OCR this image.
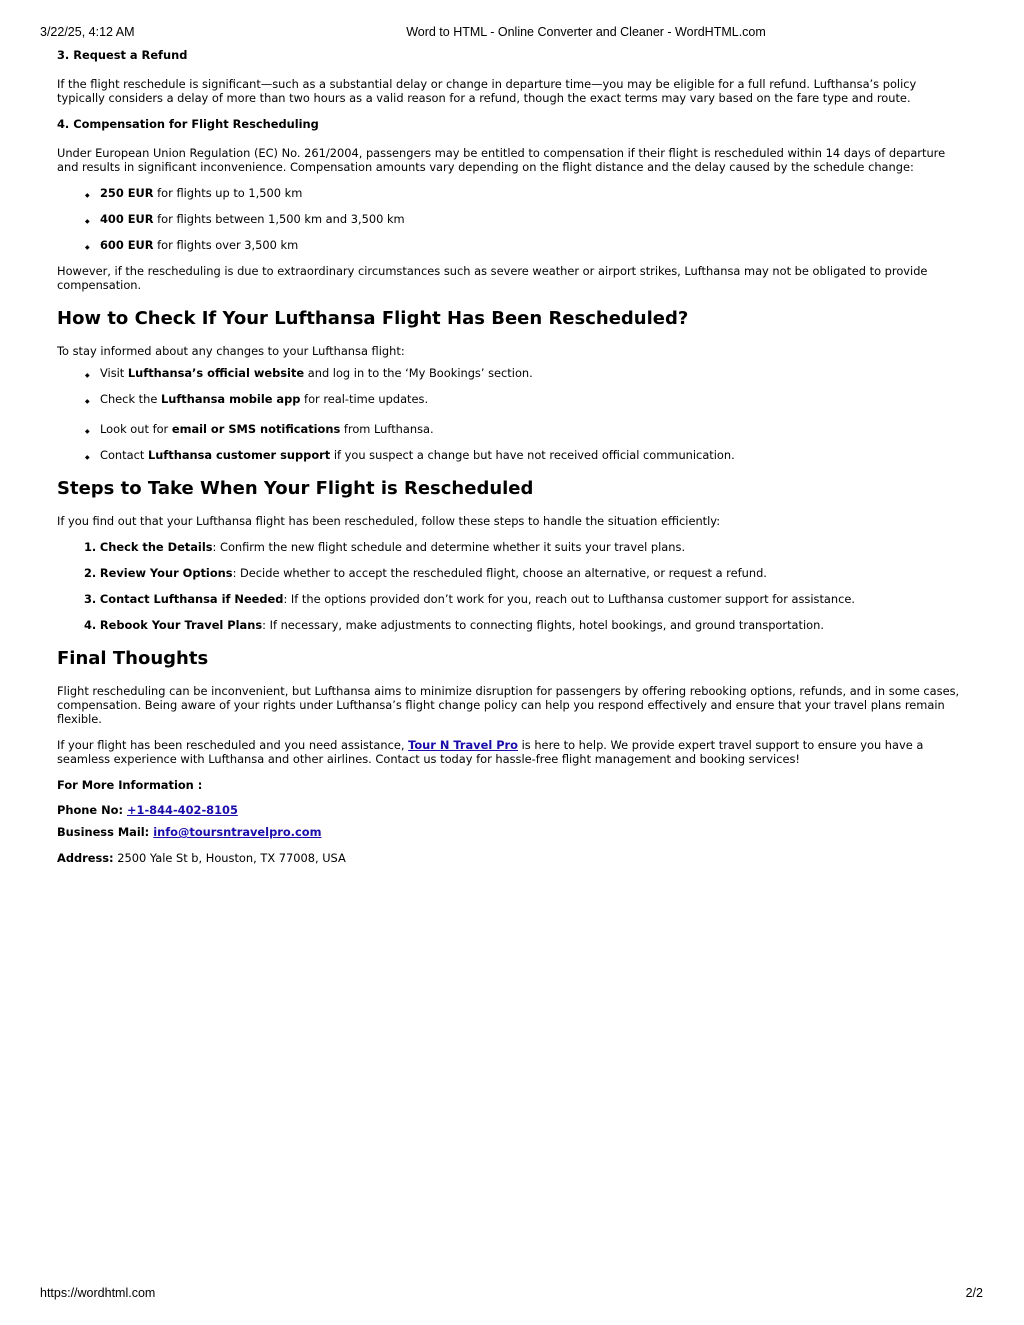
3/22/25, 4:12 AM	Word to HTML - Online Converter and Cleaner - WordHTML.com

3. Request a Refund

If the flight reschedule is significant—such as a substantial delay or change in departure time—you may be eligible for a full refund. Lufthansa’s policy typically considers a delay of more than two hours as a valid reason for a refund, though the exact terms may vary based on the fare type and route.

4. Compensation for Flight Rescheduling

Under European Union Regulation (EC) No. 261/2004, passengers may be entitled to compensation if their flight is rescheduled within 14 days of departure and results in significant inconvenience. Compensation amounts vary depending on the flight distance and the delay caused by the schedule change:

◆ 250 EUR for flights up to 1,500 km
◆ 400 EUR for flights between 1,500 km and 3,500 km
◆ 600 EUR for flights over 3,500 km

However, if the rescheduling is due to extraordinary circumstances such as severe weather or airport strikes, Lufthansa may not be obligated to provide compensation.

How to Check If Your Lufthansa Flight Has Been Rescheduled?

To stay informed about any changes to your Lufthansa flight:

◆ Visit Lufthansa’s official website and log in to the ‘My Bookings’ section.
◆ Check the Lufthansa mobile app for real-time updates.
◆ Look out for email or SMS notifications from Lufthansa.
◆ Contact Lufthansa customer support if you suspect a change but have not received official communication.
Steps to Take When Your Flight is Rescheduled

If you find out that your Lufthansa flight has been rescheduled, follow these steps to handle the situation efficiently:

1. Check the Details: Confirm the new flight schedule and determine whether it suits your travel plans.
2. Review Your Options: Decide whether to accept the rescheduled flight, choose an alternative, or request a refund.
3. Contact Lufthansa if Needed: If the options provided don’t work for you, reach out to Lufthansa customer support for assistance.
4. Rebook Your Travel Plans: If necessary, make adjustments to connecting flights, hotel bookings, and ground transportation.
Final Thoughts

Flight rescheduling can be inconvenient, but Lufthansa aims to minimize disruption for passengers by offering rebooking options, refunds, and in some cases, compensation. Being aware of your rights under Lufthansa’s flight change policy can help you respond effectively and ensure that your travel plans remain flexible.

If your flight has been rescheduled and you need assistance, Tour N Travel Pro is here to help. We provide expert travel support to ensure you have a seamless experience with Lufthansa and other airlines. Contact us today for hassle-free flight management and booking services!

For More Information :

Phone No: +1-844-402-8105

Business Mail: info@toursntravelpro.com

Address: 2500 Yale St b, Houston, TX 77008, USA

https://wordhtml.com	2/2
